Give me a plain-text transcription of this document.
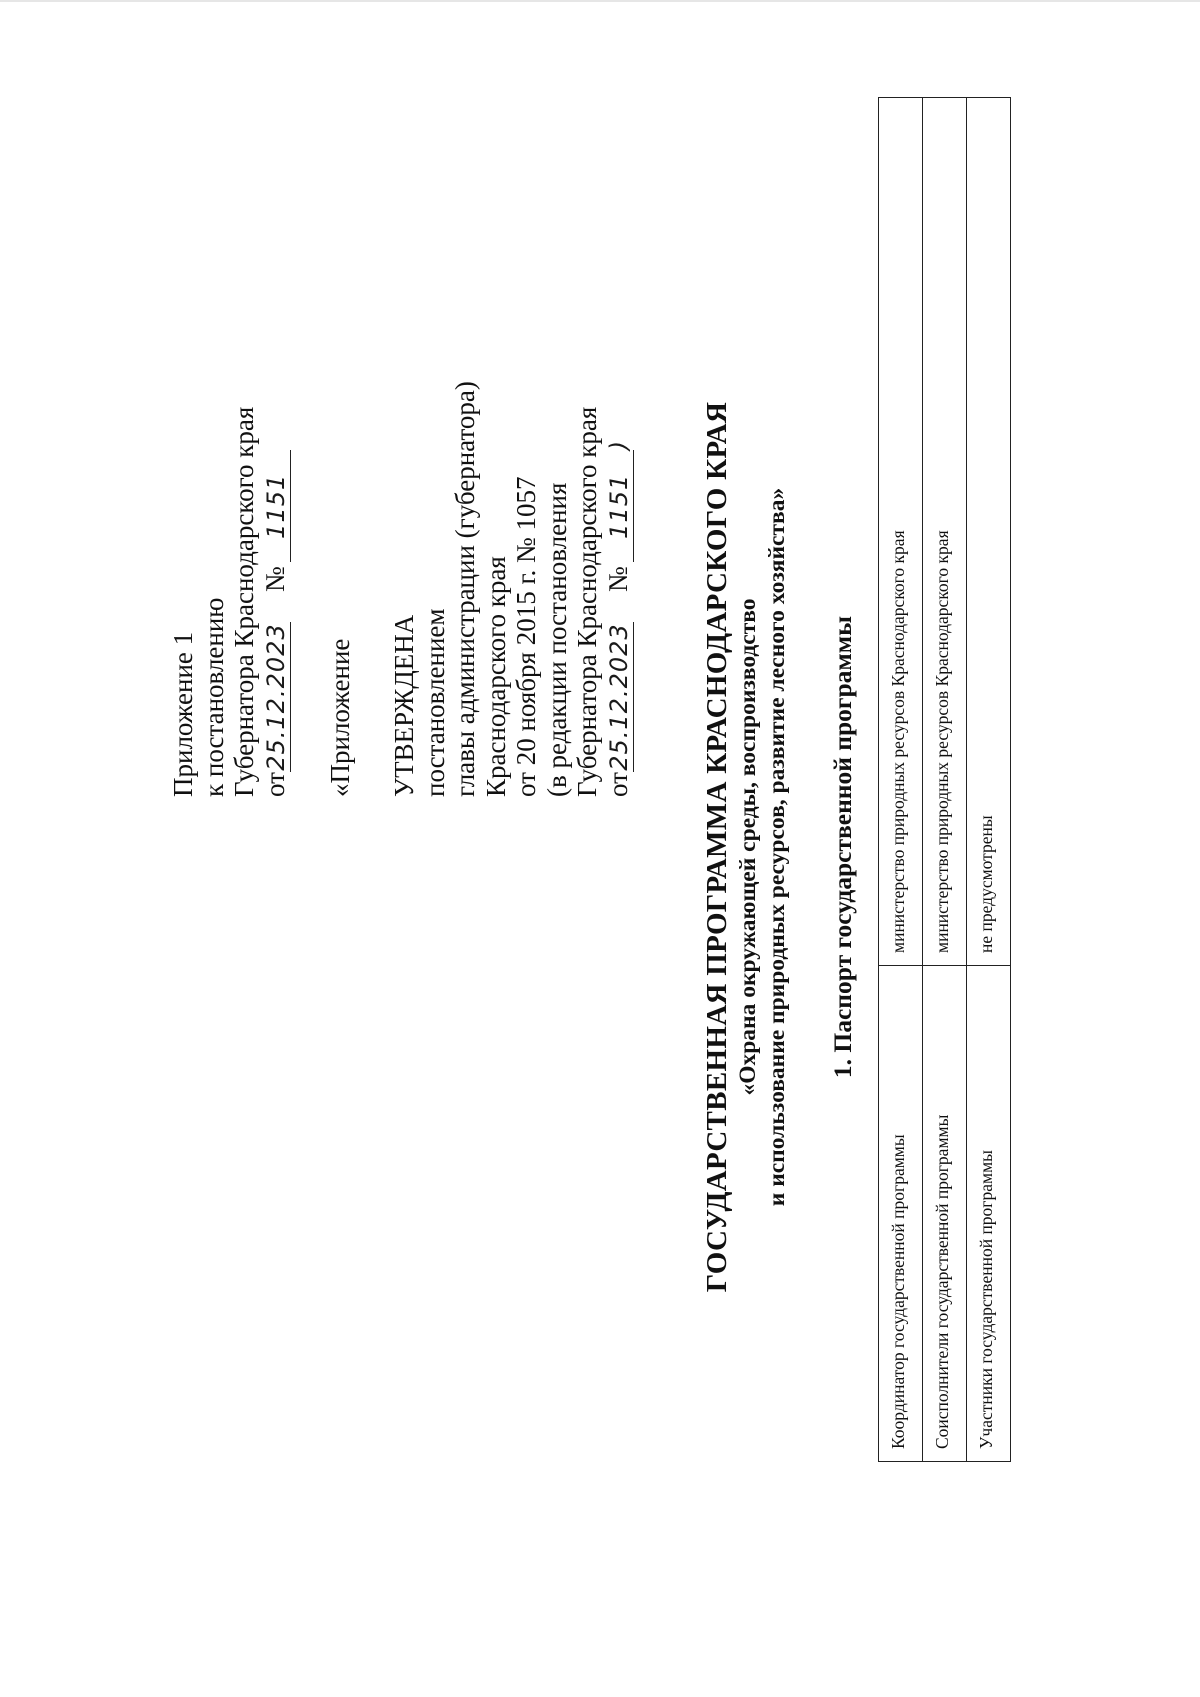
Приложение 1 к постановлению Губернатора Краснодарского края от25.12.2023№1151
«Приложение УТВЕРЖДЕНА постановлением главы администрации (губернатора) Краснодарского края от 20 ноября 2015 г. № 1057 (в редакции постановления Губернатора Краснодарского края от25.12.2023№1151) ГОСУДАРСТВЕННАЯ ПРОГРАММА КРАСНОДАРСКОГО КРАЯ «Охрана окружающей среды, воспроизводство и использование природных ресурсов, развитие лесного хозяйства» 1. Паспорт государственной программы
Координатор государственной программы	министерство природных ресурсов Краснодарского края
Соисполнители государственной программы	министерство природных ресурсов Краснодарского края
Участники государственной программы	не предусмотрены
